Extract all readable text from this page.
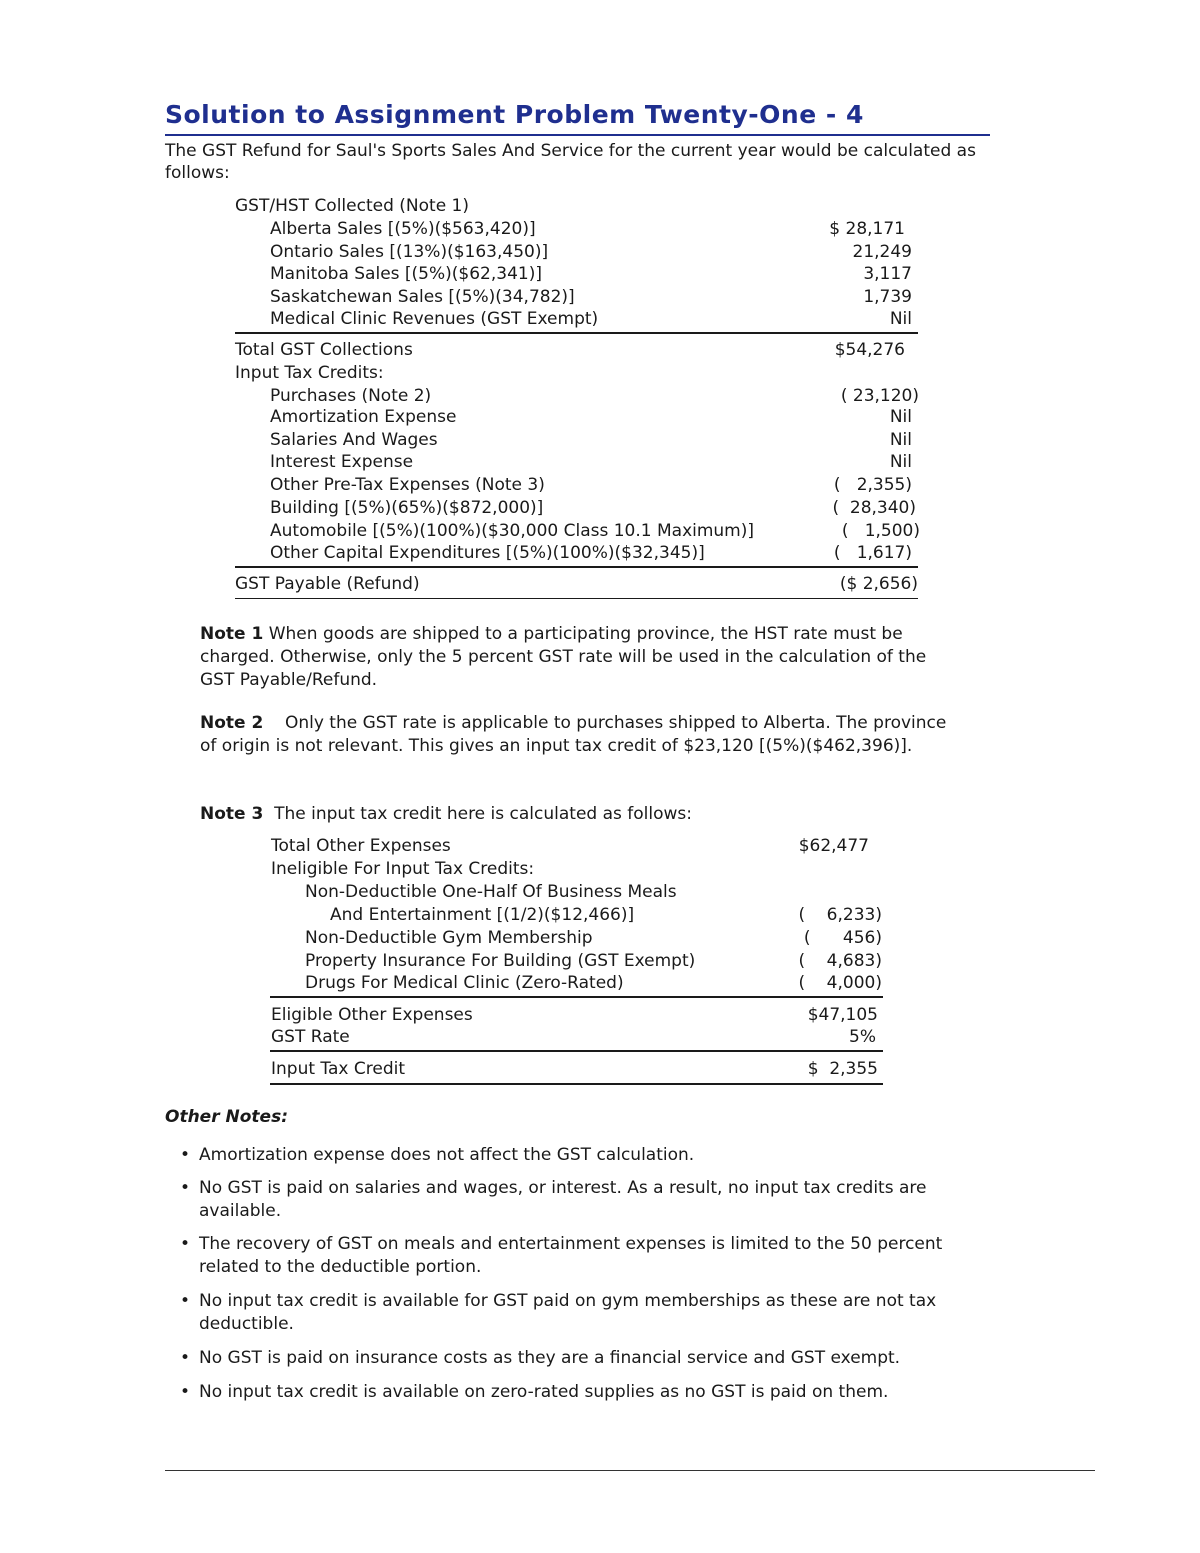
Solution to Assignment Problem Twenty-One - 4
The GST Refund for Saul's Sports Sales And Service for the current year would be calculated as follows:
GST/HST Collected (Note 1)
Alberta Sales [(5%)($563,420)]	$ 28,171
Ontario Sales [(13%)($163,450)]	21,249
Manitoba Sales [(5%)($62,341)]	3,117
Saskatchewan Sales [(5%)(34,782)]	1,739
Medical Clinic Revenues (GST Exempt)	Nil
Total GST Collections	$54,276
Input Tax Credits:
Purchases (Note 2)	( 23,120)
Amortization Expense	Nil
Salaries And Wages	Nil
Interest Expense	Nil
Other Pre-Tax Expenses (Note 3)	(   2,355)
Building [(5%)(65%)($872,000)]	(  28,340)
Automobile [(5%)(100%)($30,000 Class 10.1 Maximum)]	(   1,500)
Other Capital Expenditures [(5%)(100%)($32,345)]	(   1,617)
GST Payable (Refund)	($ 2,656)
Note 1 When goods are shipped to a participating province, the HST rate must be charged. Otherwise, only the 5 percent GST rate will be used in the calculation of the GST Payable/Refund.
Note 2 Only the GST rate is applicable to purchases shipped to Alberta. The province of origin is not relevant. This gives an input tax credit of $23,120 [(5%)($462,396)].
Note 3 The input tax credit here is calculated as follows:
Total Other Expenses	$62,477
Ineligible For Input Tax Credits:
Non-Deductible One-Half Of Business Meals
And Entertainment [(1/2)($12,466)]	(    6,233)
Non-Deductible Gym Membership	(      456)
Property Insurance For Building (GST Exempt)	(    4,683)
Drugs For Medical Clinic (Zero-Rated)	(    4,000)
Eligible Other Expenses	$47,105
GST Rate	5%
Input Tax Credit	$  2,355
Other Notes:
• Amortization expense does not affect the GST calculation.
• No GST is paid on salaries and wages, or interest. As a result, no input tax credits are available.
• The recovery of GST on meals and entertainment expenses is limited to the 50 percent related to the deductible portion.
• No input tax credit is available for GST paid on gym memberships as these are not tax deductible.
• No GST is paid on insurance costs as they are a financial service and GST exempt.
• No input tax credit is available on zero-rated supplies as no GST is paid on them.
